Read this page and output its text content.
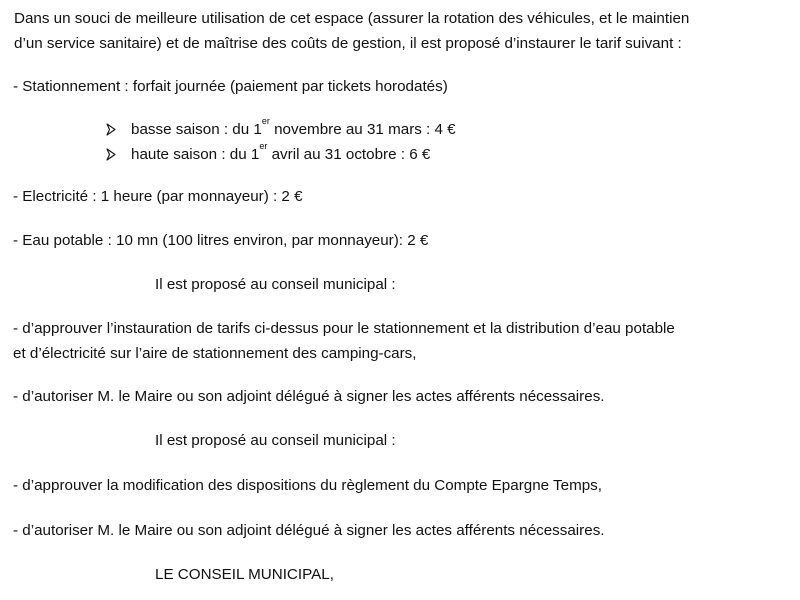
Dans un souci de meilleure utilisation de cet espace (assurer la rotation des véhicules, et le maintien
d’un service sanitaire) et de maîtrise des coûts de gestion, il est proposé d’instaurer le tarif suivant :
- Stationnement : forfait journée (paiement par tickets horodatés)
basse saison : du 1er novembre au 31 mars : 4 €
haute saison : du 1er avril au 31 octobre : 6 €
- Electricité : 1 heure (par monnayeur) : 2 €
- Eau potable : 10 mn (100 litres environ, par monnayeur): 2 €
Il est proposé au conseil municipal :
- d’approuver l’instauration de tarifs ci-dessus pour le stationnement et la distribution d’eau potable
et d’électricité sur l’aire de stationnement des camping-cars,
- d’autoriser M. le Maire ou son adjoint délégué à signer les actes afférents nécessaires.
Il est proposé au conseil municipal :
- d’approuver la modification des dispositions du règlement du Compte Epargne Temps,
- d’autoriser M. le Maire ou son adjoint délégué à signer les actes afférents nécessaires.
LE CONSEIL MUNICIPAL,
